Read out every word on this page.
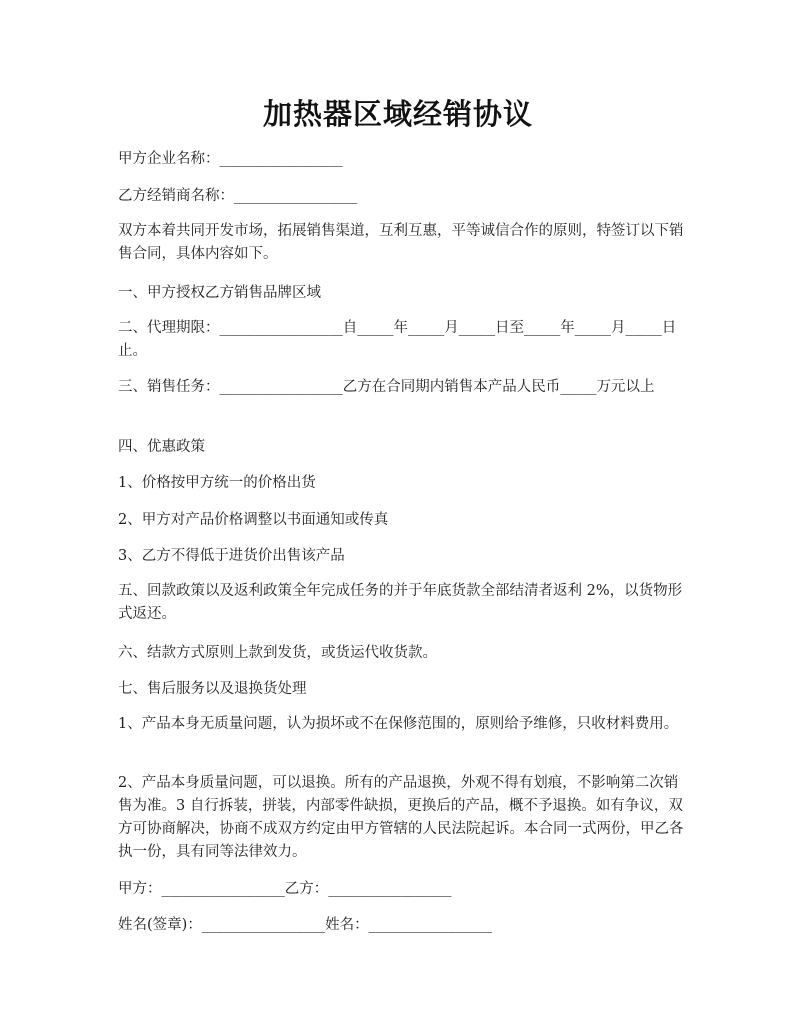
加热器区域经销协议
甲方企业名称：_________________
乙方经销商名称：_________________
双方本着共同开发市场，拓展销售渠道，互利互惠，平等诚信合作的原则，特签订以下销售合同，具体内容如下。
一、甲方授权乙方销售品牌区域
二、代理期限：_________________自_____年_____月_____日至_____年_____月_____日止。
三、销售任务：_________________乙方在合同期内销售本产品人民币_____万元以上
四、优惠政策
1、价格按甲方统一的价格出货
2、甲方对产品价格调整以书面通知或传真
3、乙方不得低于进货价出售该产品
五、回款政策以及返利政策全年完成任务的并于年底货款全部结清者返利 2%，以货物形式返还。
六、结款方式原则上款到发货，或货运代收货款。
七、售后服务以及退换货处理
1、产品本身无质量问题，认为损坏或不在保修范围的，原则给予维修，只收材料费用。
2、产品本身质量问题，可以退换。所有的产品退换，外观不得有划痕，不影响第二次销售为准。3 自行拆装，拼装，内部零件缺损，更换后的产品，概不予退换。如有争议，双方可协商解决，协商不成双方约定由甲方管辖的人民法院起诉。本合同一式两份，甲乙各执一份，具有同等法律效力。
甲方：_________________乙方：_________________
姓名(签章)：_________________姓名：_________________
